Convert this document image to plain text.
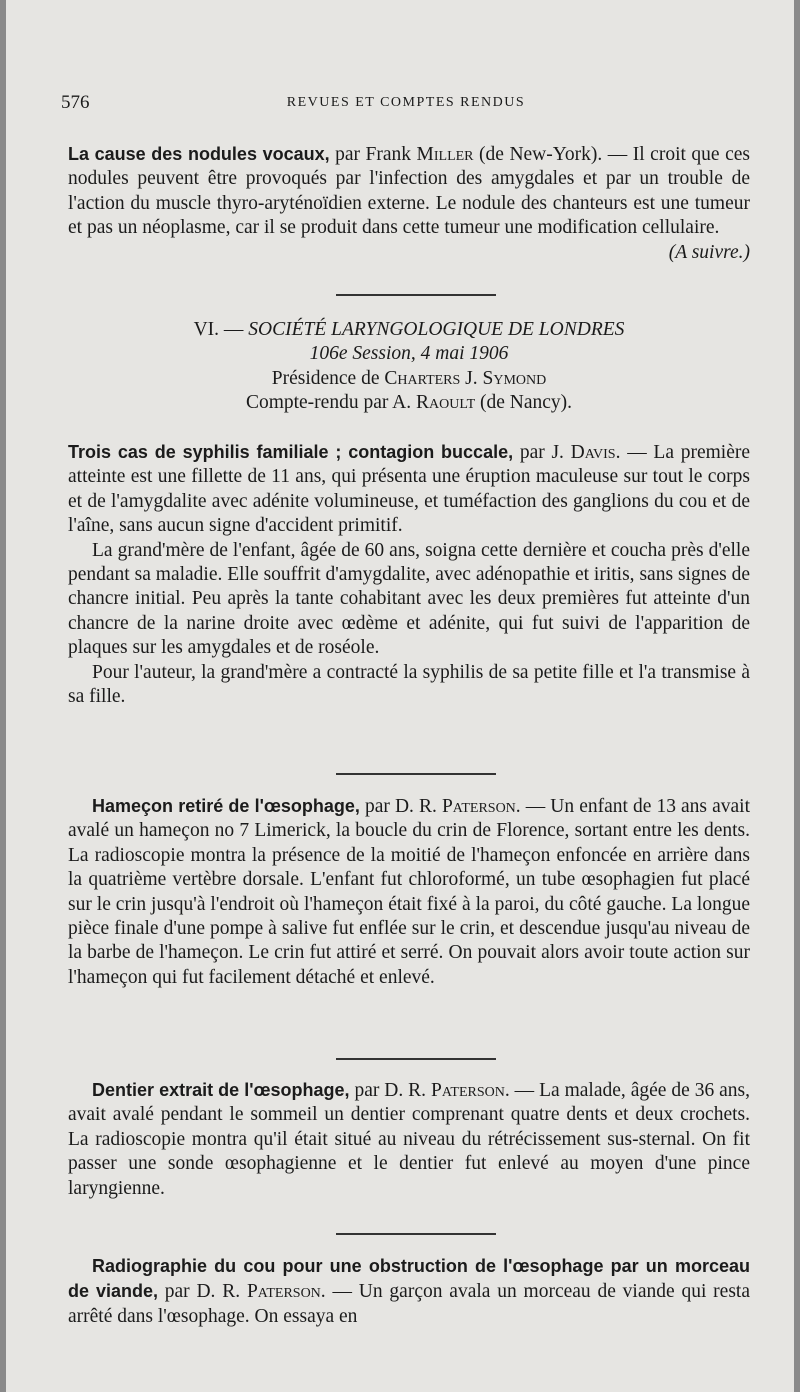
576	REVUES ET COMPTES RENDUS

La cause des nodules vocaux, par Frank Miller (de New-York). — Il croit que ces nodules peuvent être provoqués par l'infection des amygdales et par un trouble de l'action du muscle thyro-aryténoïdien externe. Le nodule des chanteurs est une tumeur et pas un néoplasme, car il se produit dans cette tumeur une modification cellulaire.

(A suivre.)

VI. — SOCIÉTÉ LARYNGOLOGIQUE DE LONDRES
106e Session, 4 mai 1906
Présidence de Charters J. Symond
Compte-rendu par A. Raoult (de Nancy).

Trois cas de syphilis familiale ; contagion buccale, par J. Davis. — La première atteinte est une fillette de 11 ans, qui présenta une éruption maculeuse sur tout le corps et de l'amygdalite avec adénite volumineuse, et tuméfaction des ganglions du cou et de l'aîne, sans aucun signe d'accident primitif.

La grand'mère de l'enfant, âgée de 60 ans, soigna cette dernière et coucha près d'elle pendant sa maladie. Elle souffrit d'amygdalite, avec adénopathie et iritis, sans signes de chancre initial. Peu après la tante cohabitant avec les deux premières fut atteinte d'un chancre de la narine droite avec œdème et adénite, qui fut suivi de l'apparition de plaques sur les amygdales et de roséole.

Pour l'auteur, la grand'mère a contracté la syphilis de sa petite fille et l'a transmise à sa fille.

Hameçon retiré de l'œsophage, par D. R. Paterson. — Un enfant de 13 ans avait avalé un hameçon no 7 Limerick, la boucle du crin de Florence, sortant entre les dents. La radioscopie montra la présence de la moitié de l'hameçon enfoncée en arrière dans la quatrième vertèbre dorsale. L'enfant fut chloroformé, un tube œsophagien fut placé sur le crin jusqu'à l'endroit où l'hameçon était fixé à la paroi, du côté gauche. La longue pièce finale d'une pompe à salive fut enflée sur le crin, et descendue jusqu'au niveau de la barbe de l'hameçon. Le crin fut attiré et serré. On pouvait alors avoir toute action sur l'hameçon qui fut facilement détaché et enlevé.

Dentier extrait de l'œsophage, par D. R. Paterson. — La malade, âgée de 36 ans, avait avalé pendant le sommeil un dentier comprenant quatre dents et deux crochets. La radioscopie montra qu'il était situé au niveau du rétrécissement sus-sternal. On fit passer une sonde œsophagienne et le dentier fut enlevé au moyen d'une pince laryngienne.

Radiographie du cou pour une obstruction de l'œsophage par un morceau de viande, par D. R. Paterson. — Un garçon avala un morceau de viande qui resta arrêté dans l'œsophage. On essaya en
